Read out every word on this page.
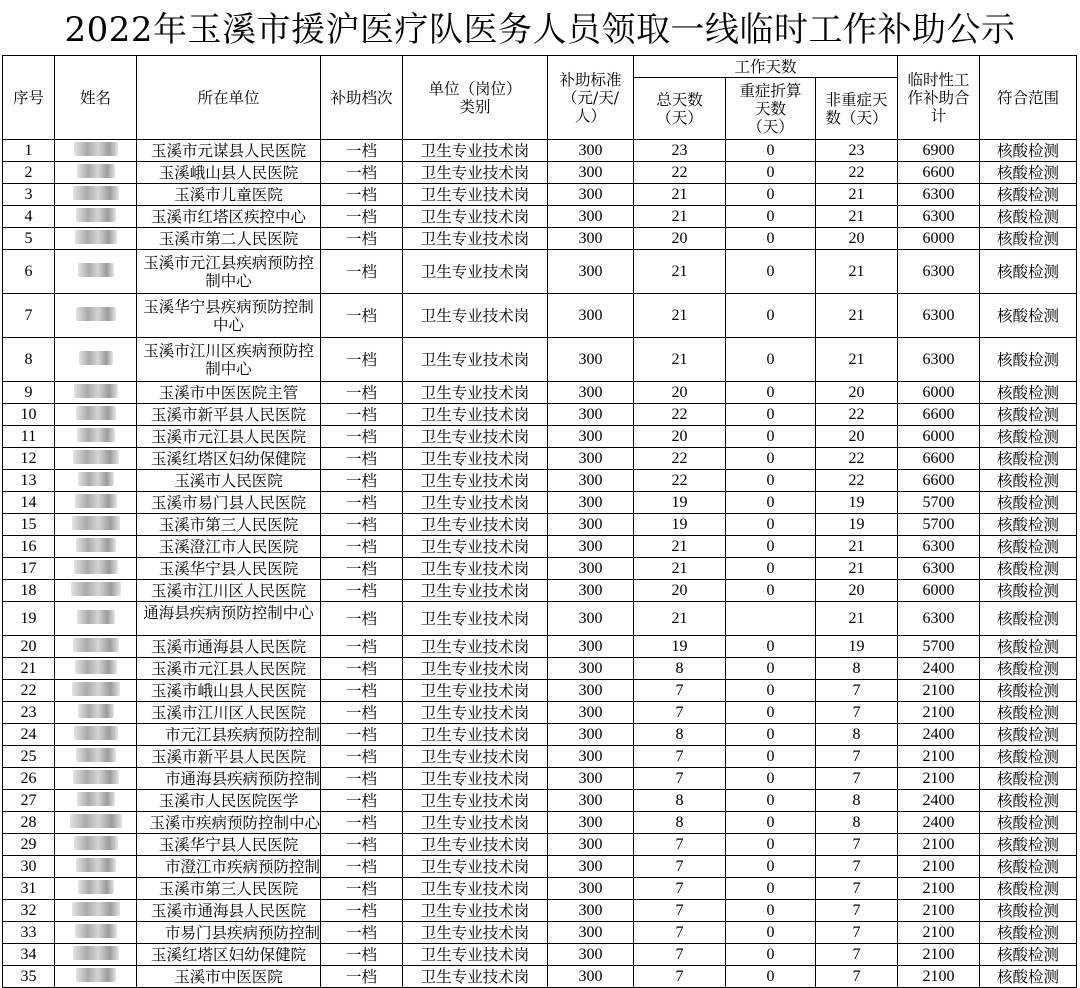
2022年玉溪市援沪医疗队医务人员领取一线临时工作补助公示
序号	姓名	所在单位	补助档次	单位（岗位）类别	补助标准（元/天/人）	工作天数			临时性工作补助合计	符合范围
						总天数（天）	重症折算天数（天）	非重症天数（天）		
1		玉溪市元谋县人民医院	一档	卫生专业技术岗	300	23	0	23	6900	核酸检测
2		玉溪峨山县人民医院	一档	卫生专业技术岗	300	22	0	22	6600	核酸检测
3		玉溪市儿童医院	一档	卫生专业技术岗	300	21	0	21	6300	核酸检测
4		玉溪市红塔区疾控中心	一档	卫生专业技术岗	300	21	0	21	6300	核酸检测
5		玉溪市第二人民医院	一档	卫生专业技术岗	300	20	0	20	6000	核酸检测
6		玉溪市元江县疾病预防控制中心	一档	卫生专业技术岗	300	21	0	21	6300	核酸检测
7		玉溪华宁县疾病预防控制中心	一档	卫生专业技术岗	300	21	0	21	6300	核酸检测
8		玉溪市江川区疾病预防控制中心	一档	卫生专业技术岗	300	21	0	21	6300	核酸检测
9		玉溪市中医医院主管	一档	卫生专业技术岗	300	20	0	20	6000	核酸检测
10		玉溪市新平县人民医院	一档	卫生专业技术岗	300	22	0	22	6600	核酸检测
11		玉溪市元江县人民医院	一档	卫生专业技术岗	300	20	0	20	6000	核酸检测
12		玉溪红塔区妇幼保健院	一档	卫生专业技术岗	300	22	0	22	6600	核酸检测
13		玉溪市人民医院	一档	卫生专业技术岗	300	22	0	22	6600	核酸检测
14		玉溪市易门县人民医院	一档	卫生专业技术岗	300	19	0	19	5700	核酸检测
15		玉溪市第三人民医院	一档	卫生专业技术岗	300	19	0	19	5700	核酸检测
16		玉溪澄江市人民医院	一档	卫生专业技术岗	300	21	0	21	6300	核酸检测
17		玉溪华宁县人民医院	一档	卫生专业技术岗	300	21	0	21	6300	核酸检测
18		玉溪市江川区人民医院	一档	卫生专业技术岗	300	20	0	20	6000	核酸检测
19		通海县疾病预防控制中心	一档	卫生专业技术岗	300	21		21	6300	核酸检测
20		玉溪市通海县人民医院	一档	卫生专业技术岗	300	19	0	19	5700	核酸检测
21		玉溪市元江县人民医院	一档	卫生专业技术岗	300	8	0	8	2400	核酸检测
22		玉溪市峨山县人民医院	一档	卫生专业技术岗	300	7	0	7	2100	核酸检测
23		玉溪市江川区人民医院	一档	卫生专业技术岗	300	7	0	7	2100	核酸检测
24		市元江县疾病预防控制	一档	卫生专业技术岗	300	8	0	8	2400	核酸检测
25		玉溪市新平县人民医院	一档	卫生专业技术岗	300	7	0	7	2100	核酸检测
26		市通海县疾病预防控制	一档	卫生专业技术岗	300	7	0	7	2100	核酸检测
27		玉溪市人民医院医学	一档	卫生专业技术岗	300	8	0	8	2400	核酸检测
28		玉溪市疾病预防控制中心	一档	卫生专业技术岗	300	8	0	8	2400	核酸检测
29		玉溪华宁县人民医院	一档	卫生专业技术岗	300	7	0	7	2100	核酸检测
30		市澄江市疾病预防控制	一档	卫生专业技术岗	300	7	0	7	2100	核酸检测
31		玉溪市第三人民医院	一档	卫生专业技术岗	300	7	0	7	2100	核酸检测
32		玉溪市通海县人民医院	一档	卫生专业技术岗	300	7	0	7	2100	核酸检测
33		市易门县疾病预防控制	一档	卫生专业技术岗	300	7	0	7	2100	核酸检测
34		玉溪红塔区妇幼保健院	一档	卫生专业技术岗	300	7	0	7	2100	核酸检测
35		玉溪市中医医院	一档	卫生专业技术岗	300	7	0	7	2100	核酸检测
